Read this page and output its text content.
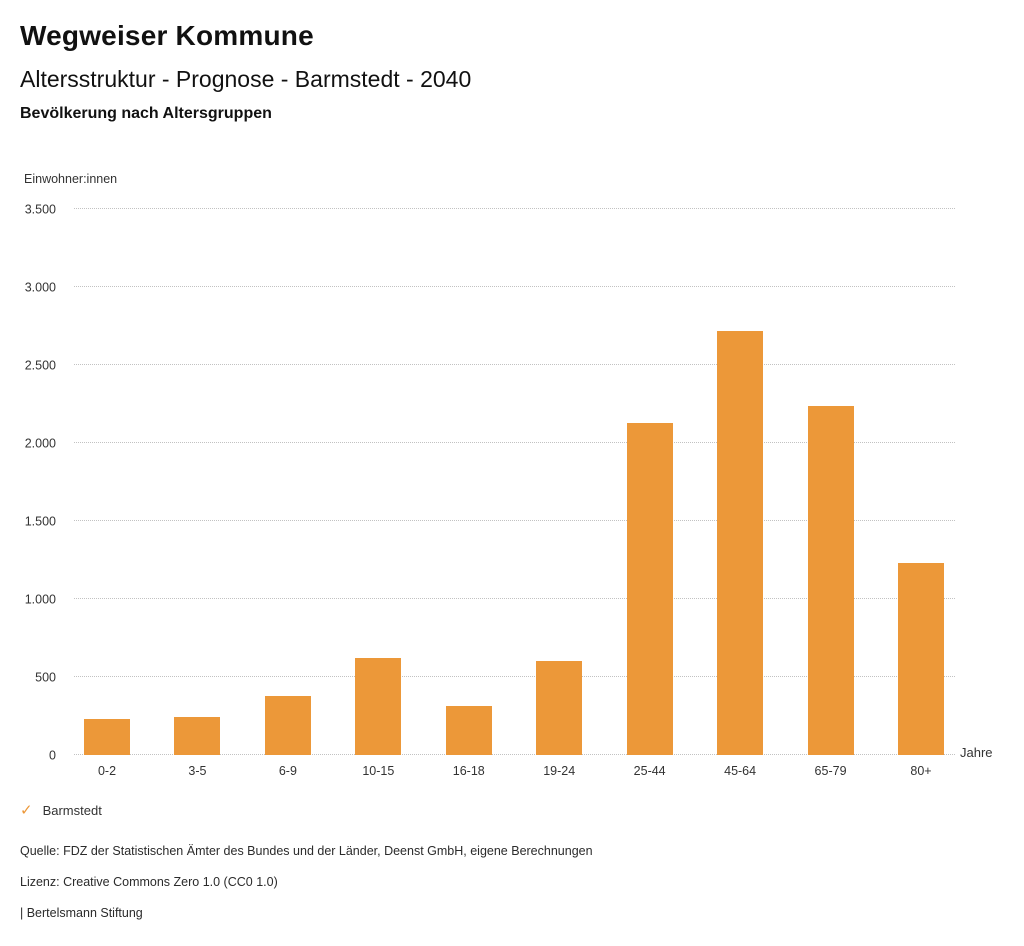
Wegweiser Kommune
Altersstruktur - Prognose - Barmstedt - 2040
Bevölkerung nach Altersgruppen
Einwohner:innen
0
500
1.000
1.500
2.000
2.500
3.000
3.500
0-2	3-5	6-9	10-15	16-18	19-24	25-44	45-64	65-79	80+
Jahre
✓ Barmstedt
Quelle: FDZ der Statistischen Ämter des Bundes und der Länder, Deenst GmbH, eigene Berechnungen
Lizenz: Creative Commons Zero 1.0 (CC0 1.0)
| Bertelsmann Stiftung
